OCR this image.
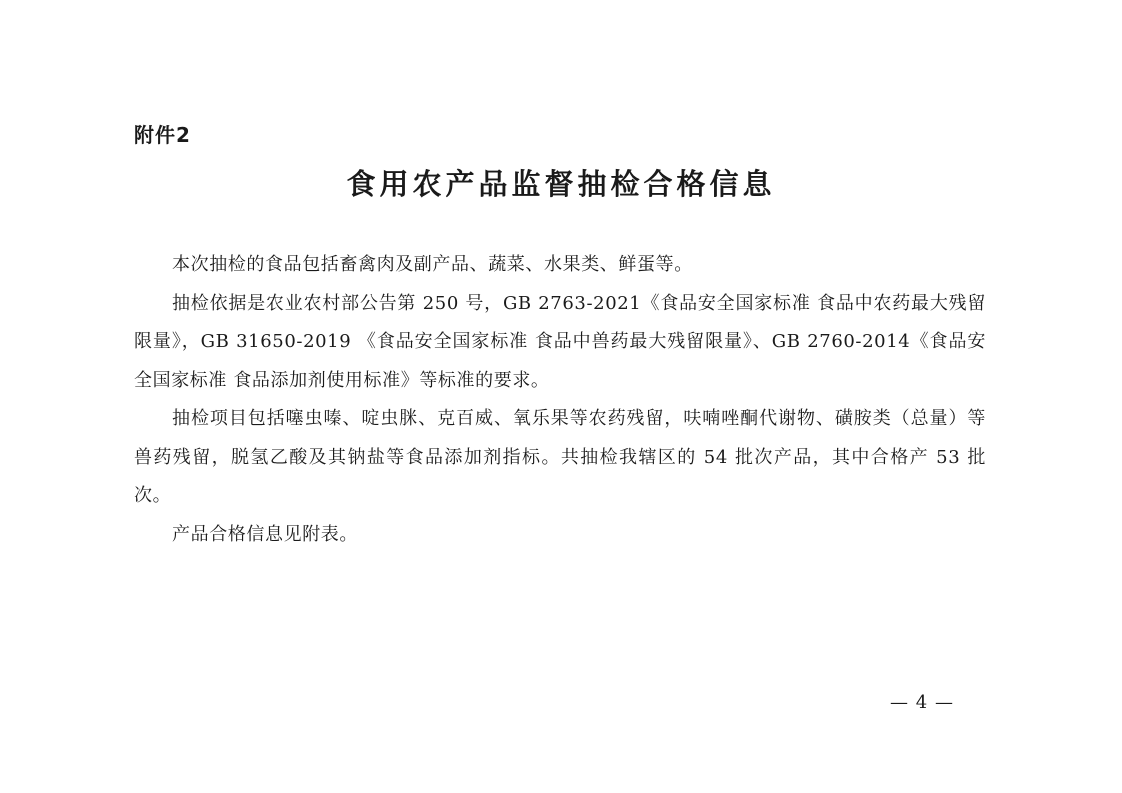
附件2
食用农产品监督抽检合格信息

本次抽检的食品包括畜禽肉及副产品、蔬菜、水果类、鲜蛋等。

抽检依据是农业农村部公告第 250 号，GB 2763-2021《食品安全国家标准 食品中农药最大残留限量》，GB 31650-2019 《食品安全国家标准 食品中兽药最大残留限量》、GB 2760-2014《食品安全国家标准 食品添加剂使用标准》等标准的要求。

抽检项目包括噻虫嗪、啶虫脒、克百威、氧乐果等农药残留，呋喃唑酮代谢物、磺胺类（总量）等兽药残留，脱氢乙酸及其钠盐等食品添加剂指标。共抽检我辖区的 54 批次产品，其中合格产 53 批次。

产品合格信息见附表。

— 4 —
